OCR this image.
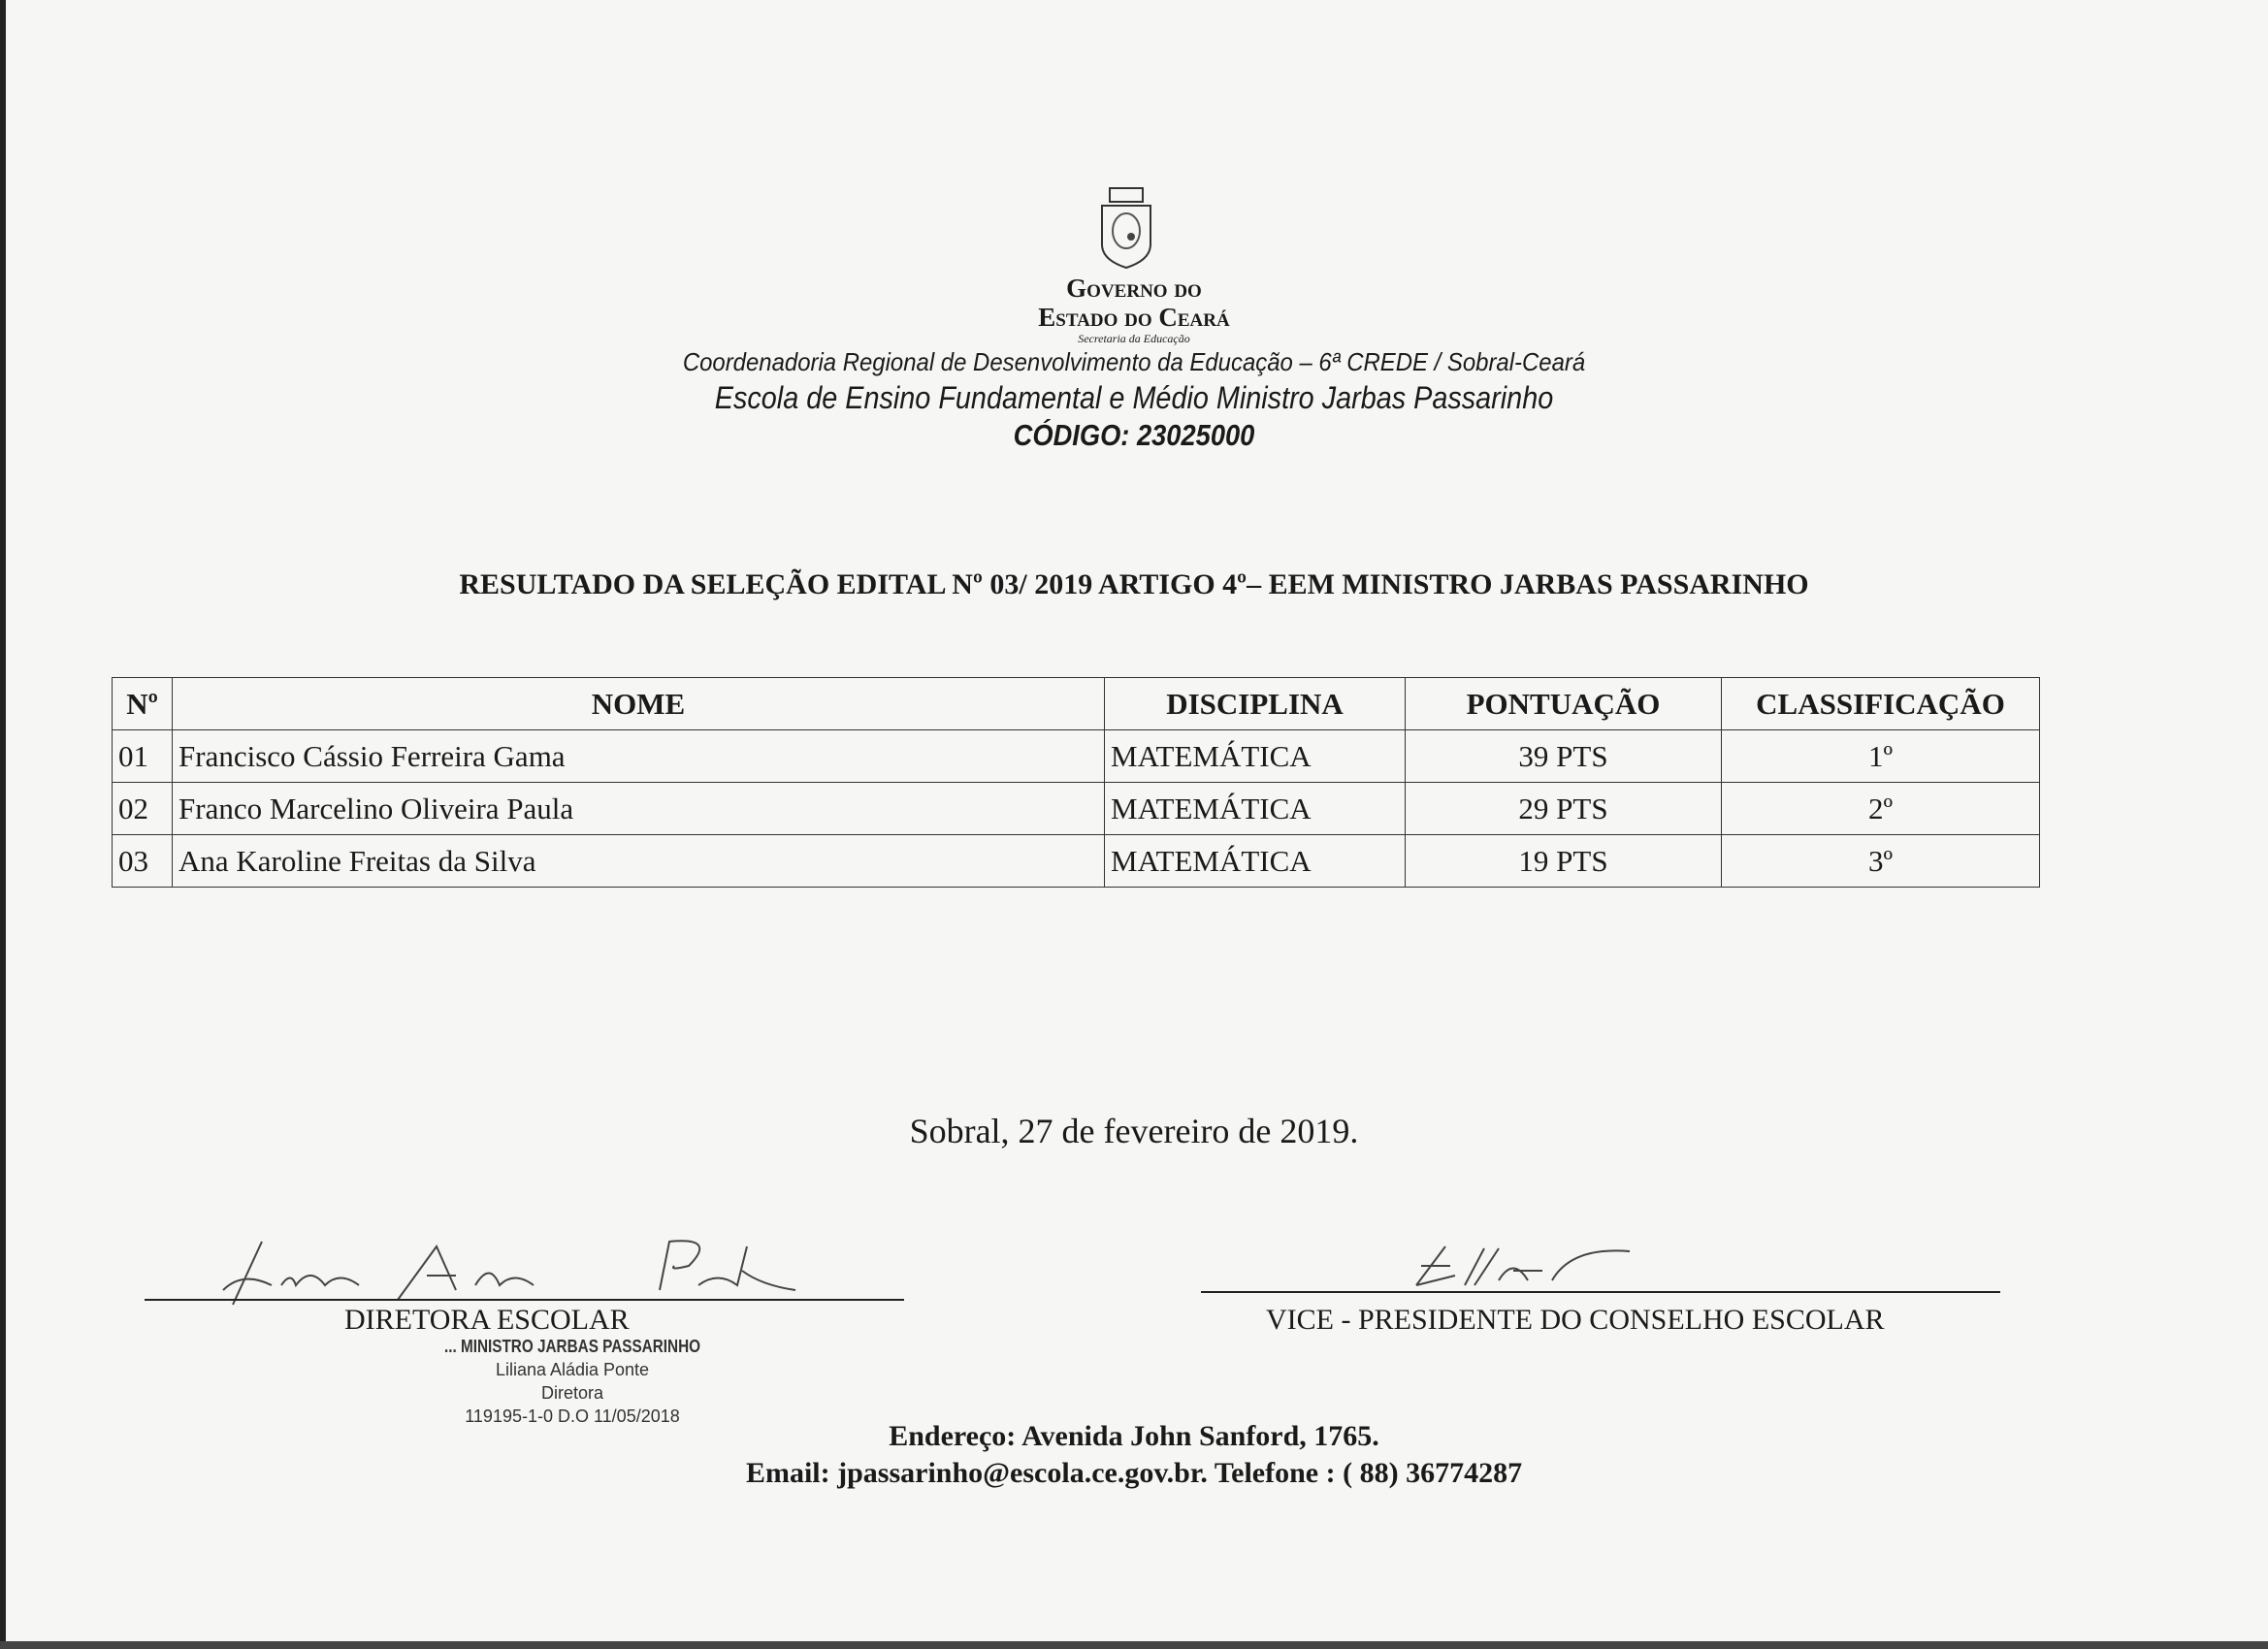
Governo do
Estado do Ceará
Secretaria da Educação
Coordenadoria Regional de Desenvolvimento da Educação – 6ª CREDE / Sobral-Ceará
Escola de Ensino Fundamental e Médio Ministro Jarbas Passarinho
CÓDIGO: 23025000
RESULTADO DA SELEÇÃO EDITAL Nº 03/ 2019 ARTIGO 4º– EEM MINISTRO JARBAS PASSARINHO
Nº	NOME	DISCIPLINA	PONTUAÇÃO	CLASSIFICAÇÃO
01	Francisco Cássio Ferreira Gama	MATEMÁTICA	39 PTS	1º
02	Franco Marcelino Oliveira Paula	MATEMÁTICA	29 PTS	2º
03	Ana Karoline Freitas da Silva	MATEMÁTICA	19 PTS	3º
Sobral, 27 de fevereiro de 2019.
DIRETORA ESCOLAR	VICE - PRESIDENTE DO CONSELHO ESCOLAR
... MINISTRO JARBAS PASSARINHO
Liliana Aládia Ponte
Diretora
119195-1-0 D.O 11/05/2018
Endereço: Avenida John Sanford, 1765.
Email: jpassarinho@escola.ce.gov.br. Telefone : ( 88) 36774287
